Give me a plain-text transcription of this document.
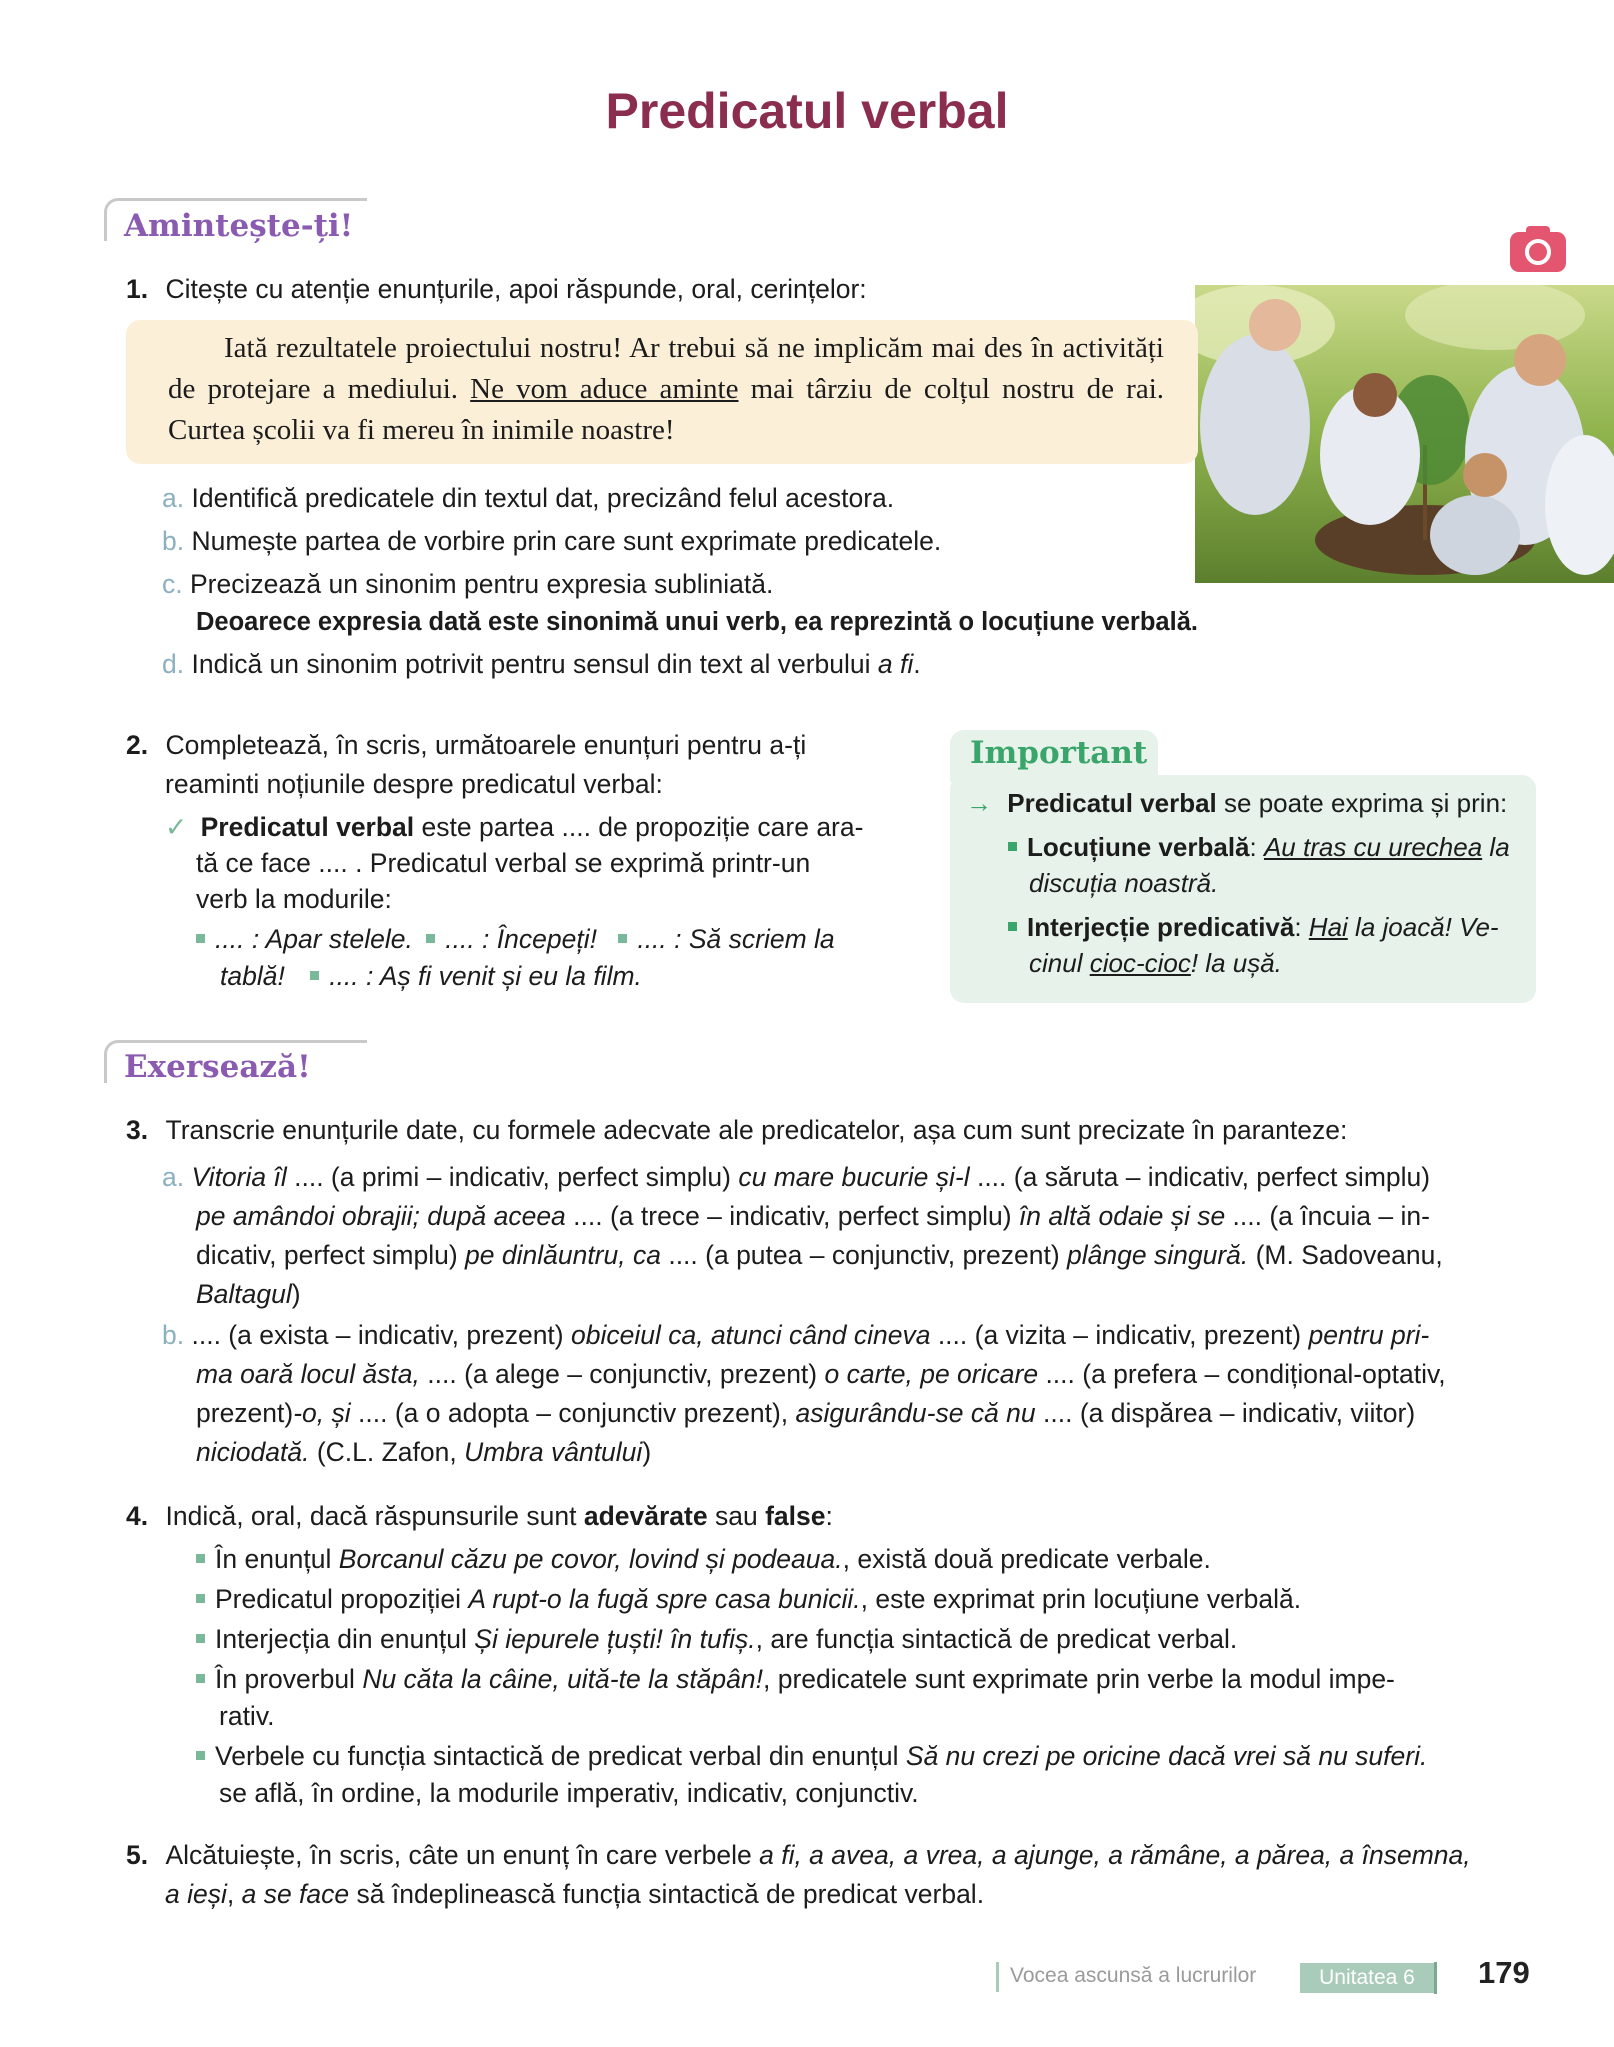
Predicatul verbal
Amintește-ți!
1. Citește cu atenție enunțurile, apoi răspunde, oral, cerințelor:
Iată rezultatele proiectului nostru! Ar trebui să ne implicăm mai des în activități de protejare a mediului. Ne vom aduce aminte mai târziu de colțul nostru de rai. Curtea școlii va fi mereu în inimile noastre!
a. Identifică predicatele din textul dat, precizând felul acestora.
b. Numește partea de vorbire prin care sunt exprimate predicatele.
c. Precizează un sinonim pentru expresia subliniată.
Deoarece expresia dată este sinonimă unui verb, ea reprezintă o locuțiune verbală.
d. Indică un sinonim potrivit pentru sensul din text al verbului a fi.
2. Completează, în scris, următoarele enunțuri pentru a-ți
reaminti noțiunile despre predicatul verbal:
✓ Predicatul verbal este partea .... de propoziție care ara-
tă ce face .... . Predicatul verbal se exprimă printr-un
verb la modurile:
.... : Apar stelele. .... : Începeți! .... : Să scriem la
tablă! .... : Aș fi venit și eu la film.
Important
→ Predicatul verbal se poate exprima și prin:
Locuțiune verbală: Au tras cu urechea la
discuția noastră.
Interjecție predicativă: Hai la joacă! Ve-
cinul cioc-cioc! la ușă.
Exersează!
3. Transcrie enunțurile date, cu formele adecvate ale predicatelor, așa cum sunt precizate în paranteze:
a. Vitoria îl .... (a primi – indicativ, perfect simplu) cu mare bucurie și-l .... (a săruta – indicativ, perfect simplu)
pe amândoi obrajii; după aceea .... (a trece – indicativ, perfect simplu) în altă odaie și se .... (a încuia – in-
dicativ, perfect simplu) pe dinlăuntru, ca .... (a putea – conjunctiv, prezent) plânge singură. (M. Sadoveanu,
Baltagul)
b. .... (a exista – indicativ, prezent) obiceiul ca, atunci când cineva .... (a vizita – indicativ, prezent) pentru pri-
ma oară locul ăsta, .... (a alege – conjunctiv, prezent) o carte, pe oricare .... (a prefera – condițional-optativ,
prezent)-o, și .... (a o adopta – conjunctiv prezent), asigurându-se că nu .... (a dispărea – indicativ, viitor)
niciodată. (C.L. Zafon, Umbra vântului)
4. Indică, oral, dacă răspunsurile sunt adevărate sau false:
În enunțul Borcanul căzu pe covor, lovind și podeaua., există două predicate verbale.
Predicatul propoziției A rupt-o la fugă spre casa bunicii., este exprimat prin locuțiune verbală.
Interjecția din enunțul Și iepurele țuști! în tufiș., are funcția sintactică de predicat verbal.
În proverbul Nu căta la câine, uită-te la stăpân!, predicatele sunt exprimate prin verbe la modul impe-
rativ.
Verbele cu funcția sintactică de predicat verbal din enunțul Să nu crezi pe oricine dacă vrei să nu suferi.
se află, în ordine, la modurile imperativ, indicativ, conjunctiv.
5. Alcătuiește, în scris, câte un enunț în care verbele a fi, a avea, a vrea, a ajunge, a rămâne, a părea, a însemna,
a ieși, a se face să îndeplinească funcția sintactică de predicat verbal.
Vocea ascunsă a lucrurilor	Unitatea 6	179
